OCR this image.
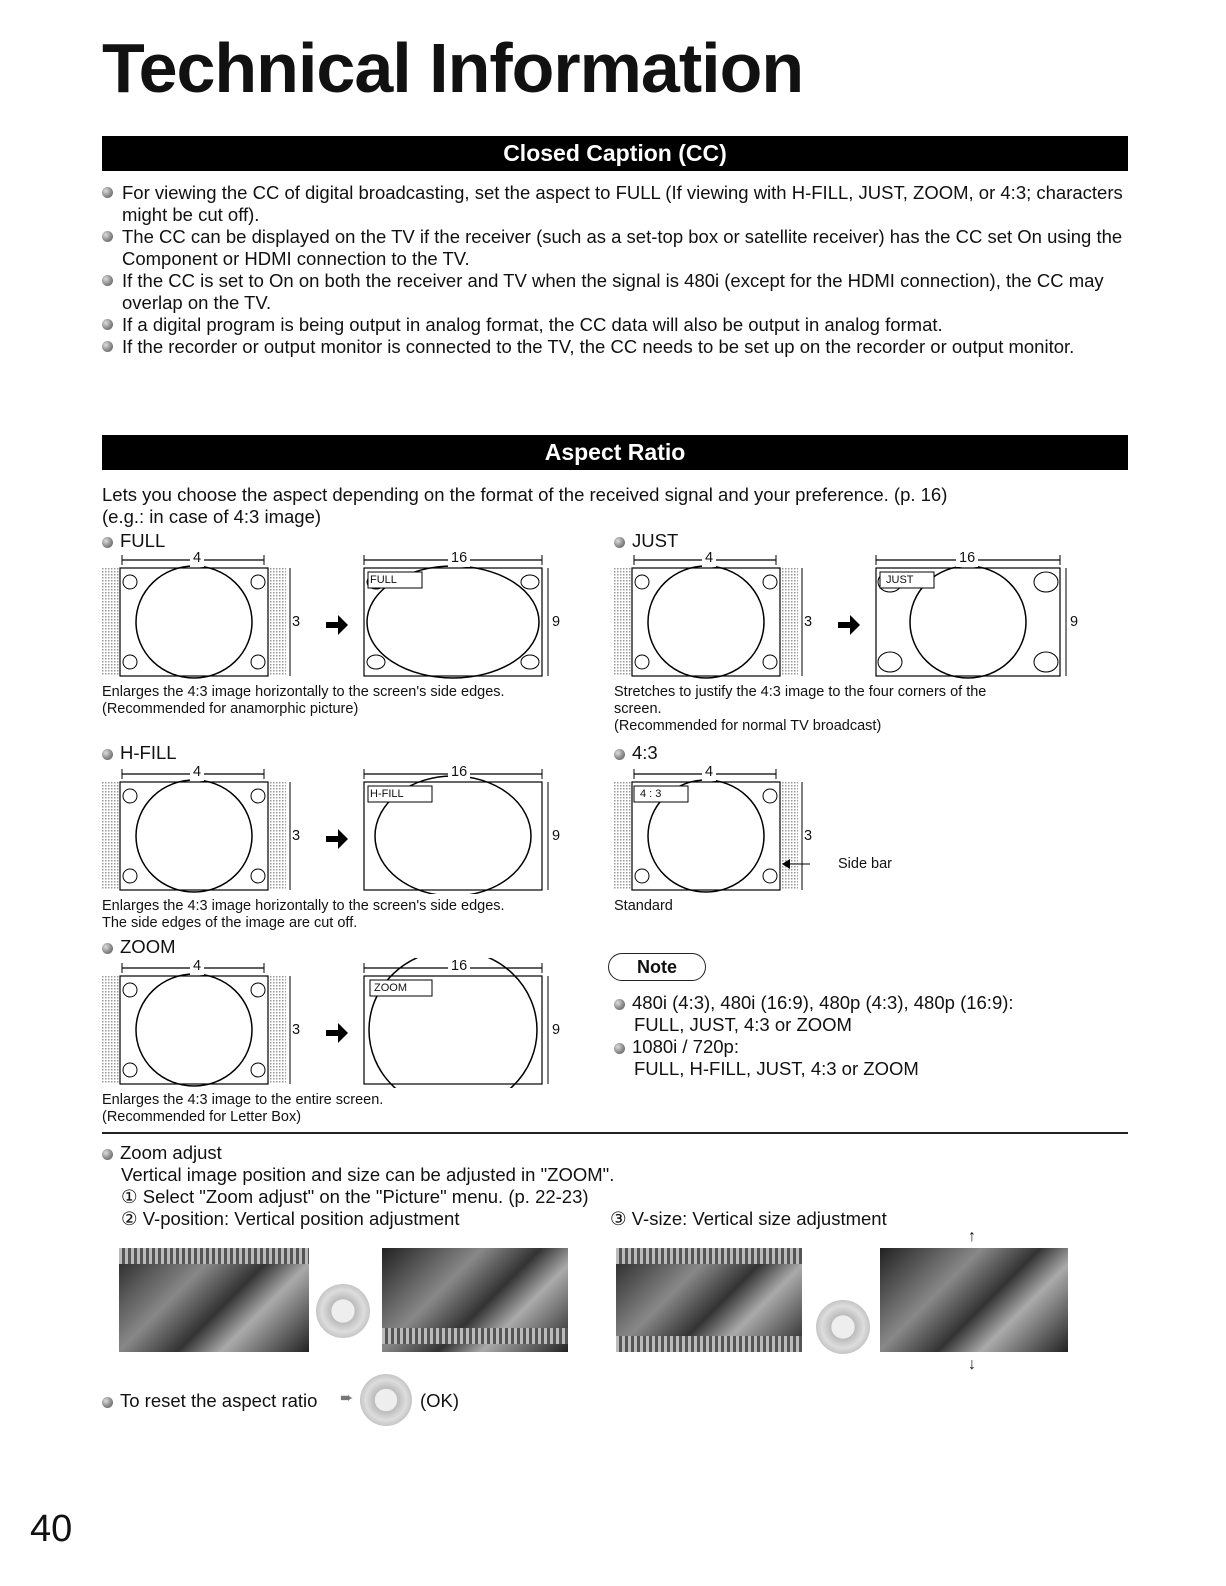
Technical Information
Closed Caption (CC)
For viewing the CC of digital broadcasting, set the aspect to FULL (If viewing with H-FILL, JUST, ZOOM, or 4:3; characters might be cut off).
The CC can be displayed on the TV if the receiver (such as a set-top box or satellite receiver) has the CC set On using the Component or HDMI connection to the TV.
If the CC is set to On on both the receiver and TV when the signal is 480i (except for the HDMI connection), the CC may overlap on the TV.
If a digital program is being output in analog format, the CC data will also be output in analog format.
If the recorder or output monitor is connected to the TV, the CC needs to be set up on the recorder or output monitor.
Aspect Ratio
Lets you choose the aspect depending on the format of the received signal and your preference. (p. 16)
(e.g.: in case of 4:3 image)
FULL	JUST
H-FILL	4:3
ZOOM
4	16
3	9
FULL
4	16
3	9
JUST
Enlarges the 4:3 image horizontally to the screen's side edges.
(Recommended for anamorphic picture)
Stretches to justify the 4:3 image to the four corners of the
screen.
(Recommended for normal TV broadcast)
4	16
3	9
H-FILL
4
3
4 : 3
Side bar
Enlarges the 4:3 image horizontally to the screen's side edges.
The side edges of the image are cut off.
Standard
4	16
3	9
ZOOM
Enlarges the 4:3 image to the entire screen.
(Recommended for Letter Box)
Note
480i (4:3), 480i (16:9), 480p (4:3), 480p (16:9):
FULL, JUST, 4:3 or ZOOM
1080i / 720p:
FULL, H-FILL, JUST, 4:3 or ZOOM
Zoom adjust
Vertical image position and size can be adjusted in "ZOOM".
① Select "Zoom adjust" on the "Picture" menu. (p. 22-23)
② V-position: Vertical position adjustment	③ V-size: Vertical size adjustment
↑
↓
To reset the aspect ratio ➨	(OK)
40
